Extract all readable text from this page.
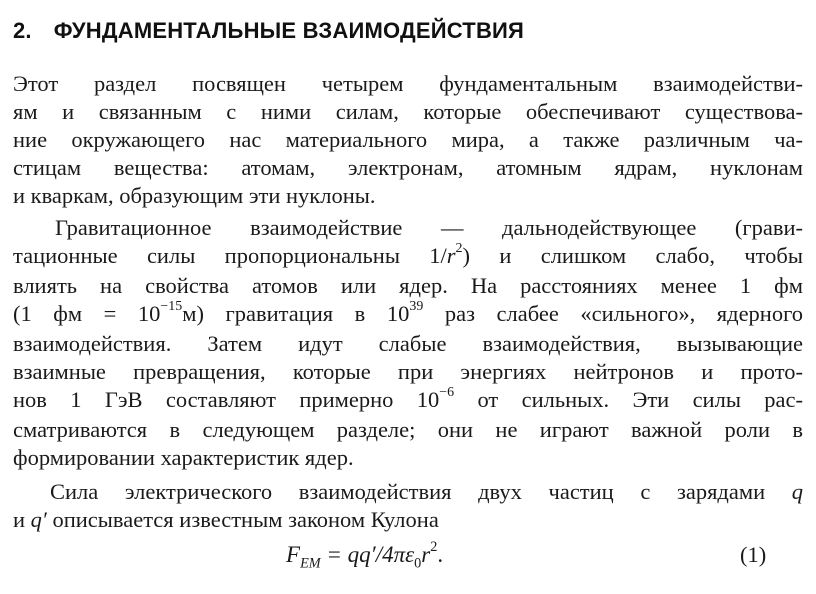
2. ФУНДАМЕНТАЛЬНЫЕ ВЗАИМОДЕЙСТВИЯ
Этот раздел посвящен четырем фундаментальным взаимодействи-
ям и связанным с ними силам, которые обеспечивают существова-
ние окружающего нас материального мира, а также различным ча-
стицам вещества: атомам, электронам, атомным ядрам, нуклонам
и кваркам, образующим эти нуклоны.
Гравитационное взаимодействие — дальнодействующее (грави-
тационные силы пропорциональны $1/r^2$) и слишком слабо, чтобы
влиять на свойства атомов или ядер. На расстояниях менее 1 фм
(1 фм = $10^{-15}м$) гравитация в $10^{39}$ раз слабее «сильного», ядерного
взаимодействия. Затем идут слабые взаимодействия, вызывающие
взаимные превращения, которые при энергиях нейтронов и прото-
нов 1 ГэВ составляют примерно $10^{-6}$ от сильных. Эти силы рас-
сматриваются в следующем разделе; они не играют важной роли в
формировании характеристик ядер.
Сила электрического взаимодействия двух частиц с зарядами q
и q′ описывается известным законом Кулона
$F_{EM} = qq'/4\pi\varepsilon_0r^2$.	(1)
